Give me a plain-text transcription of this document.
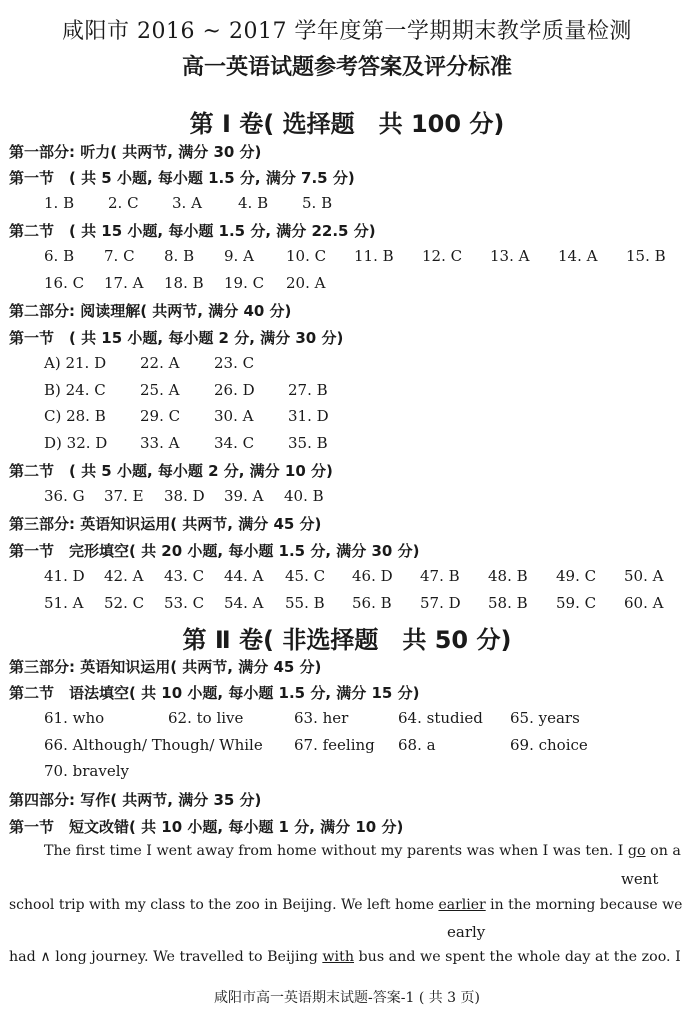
咸阳市 2016 ~ 2017 学年度第一学期期末教学质量检测
高一英语试题参考答案及评分标准
第 Ⅰ 卷( 选择题　共 100 分)
第一部分: 听力( 共两节, 满分 30 分)
第一节　( 共 5 小题, 每小题 1.5 分, 满分 7.5 分)
1. B 2. C 3. A 4. B 5. B
第二节　( 共 15 小题, 每小题 1.5 分, 满分 22.5 分)
6. B 7. C 8. B 9. A 10. C 11. B 12. C 13. A 14. A 15. B
16. C 17. A 18. B 19. C 20. A
第二部分: 阅读理解( 共两节, 满分 40 分)
第一节　( 共 15 小题, 每小题 2 分, 满分 30 分)
A) 21. D 22. A 23. C
B) 24. C 25. A 26. D 27. B
C) 28. B 29. C 30. A 31. D
D) 32. D 33. A 34. C 35. B
第二节　( 共 5 小题, 每小题 2 分, 满分 10 分)
36. G 37. E 38. D 39. A 40. B
第三部分: 英语知识运用( 共两节, 满分 45 分)
第一节　完形填空( 共 20 小题, 每小题 1.5 分, 满分 30 分)
41. D 42. A 43. C 44. A 45. C 46. D 47. B 48. B 49. C 50. A
51. A 52. C 53. C 54. A 55. B 56. B 57. D 58. B 59. C 60. A
第 Ⅱ 卷( 非选择题　共 50 分)
第三部分: 英语知识运用( 共两节, 满分 45 分)
第二节　语法填空( 共 10 小题, 每小题 1.5 分, 满分 15 分)
61. who	62. to live	63. her	64. studied 65. years
66. Although/ Though/ While 67. feeling 68. a	69. choice
70. bravely
第四部分: 写作( 共两节, 满分 35 分)
第一节　短文改错( 共 10 小题, 每小题 1 分, 满分 10 分)
The first time I went away from home without my parents was when I was ten. I go on a
went
school trip with my class to the zoo in Beijing. We left home earlier in the morning because we
early
had ∧ long journey. We travelled to Beijing with bus and we spent the whole day at the zoo. I
咸阳市高一英语期末试题-答案-1 ( 共 3 页)
